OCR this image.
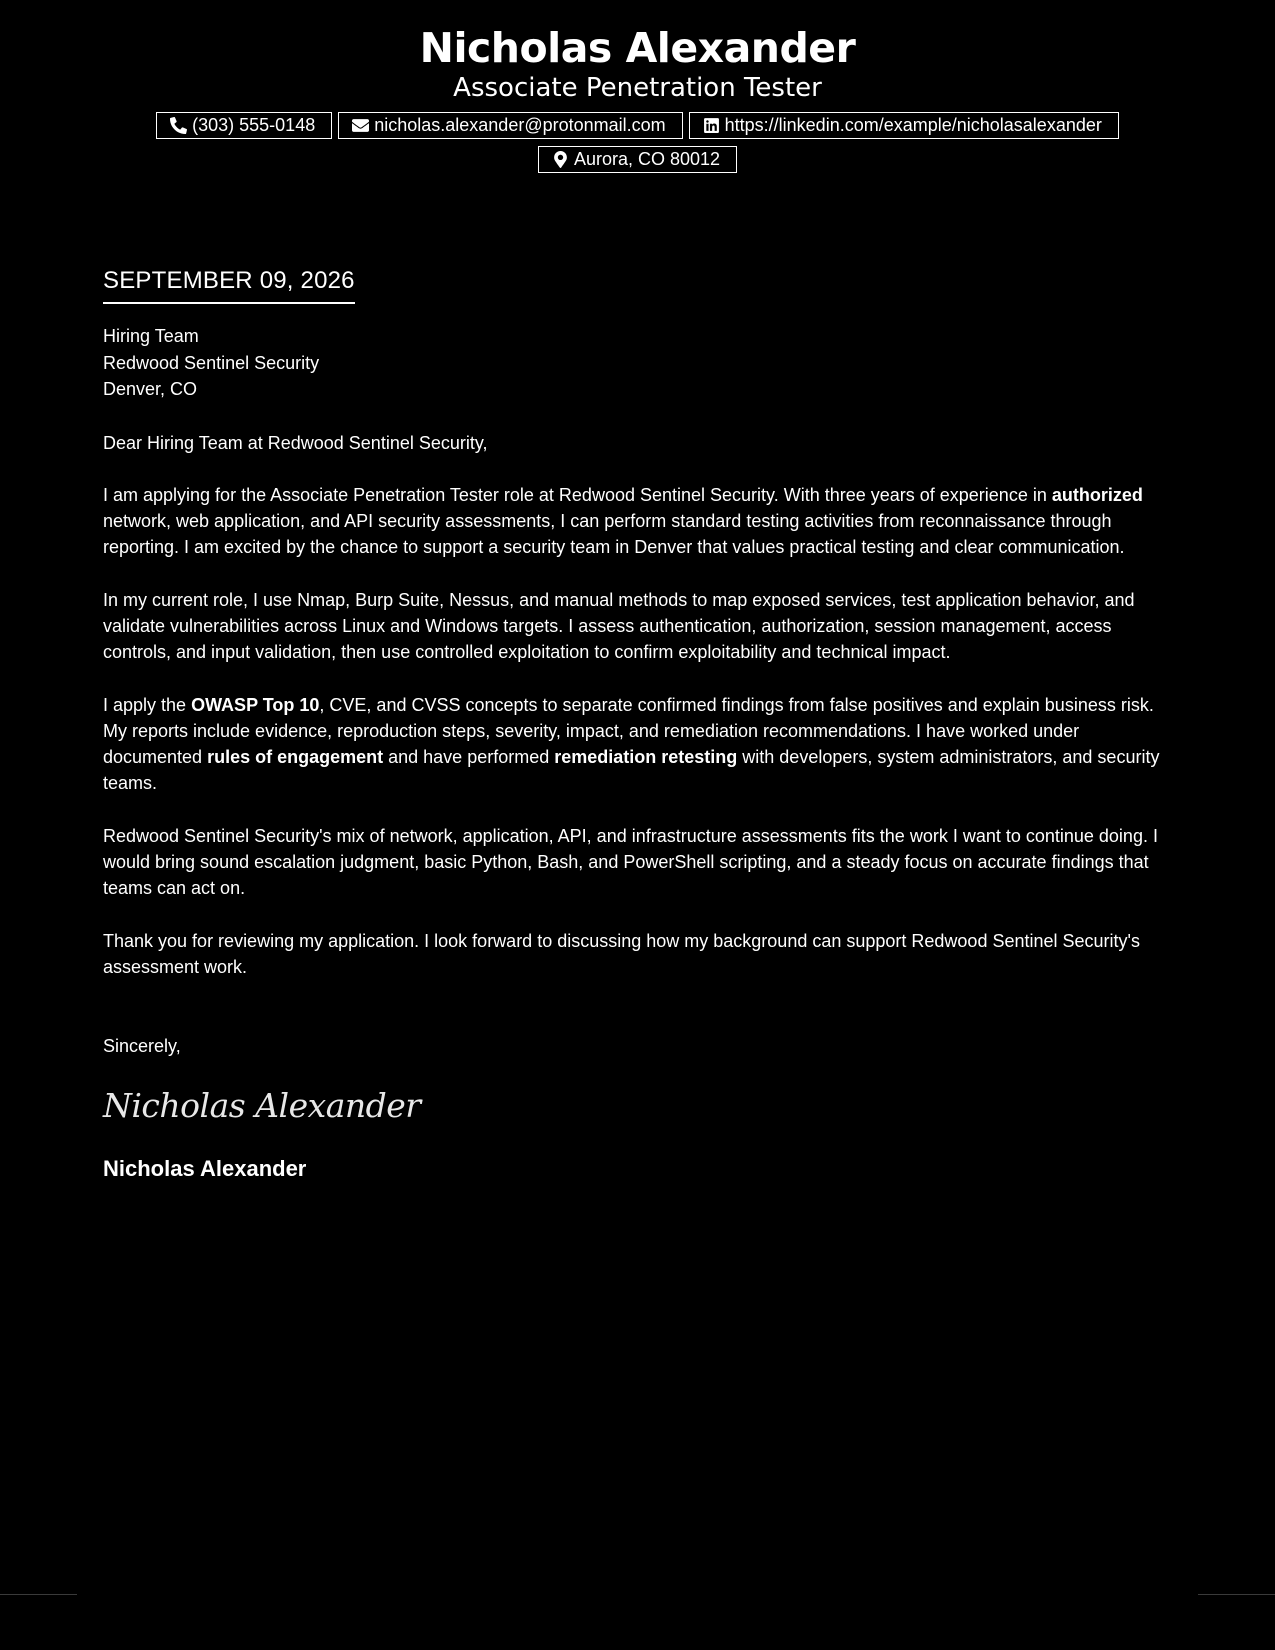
Nicholas Alexander
Associate Penetration Tester
(303) 555-0148	nicholas.alexander@protonmail.com	https://linkedin.com/example/nicholasalexander
Aurora, CO 80012
SEPTEMBER 09, 2026
Hiring Team
Redwood Sentinel Security
Denver, CO
Dear Hiring Team at Redwood Sentinel Security,

I am applying for the Associate Penetration Tester role at Redwood Sentinel Security. With three years of experience in authorized network, web application, and API security assessments, I can perform standard testing activities from reconnaissance through reporting. I am excited by the chance to support a security team in Denver that values practical testing and clear communication.

In my current role, I use Nmap, Burp Suite, Nessus, and manual methods to map exposed services, test application behavior, and validate vulnerabilities across Linux and Windows targets. I assess authentication, authorization, session management, access controls, and input validation, then use controlled exploitation to confirm exploitability and technical impact.

I apply the OWASP Top 10, CVE, and CVSS concepts to separate confirmed findings from false positives and explain business risk. My reports include evidence, reproduction steps, severity, impact, and remediation recommendations. I have worked under documented rules of engagement and have performed remediation retesting with developers, system administrators, and security teams.

Redwood Sentinel Security's mix of network, application, API, and infrastructure assessments fits the work I want to continue doing. I would bring sound escalation judgment, basic Python, Bash, and PowerShell scripting, and a steady focus on accurate findings that teams can act on.

Thank you for reviewing my application. I look forward to discussing how my background can support Redwood Sentinel Security's assessment work.

Sincerely,
Nicholas Alexander
Nicholas Alexander
